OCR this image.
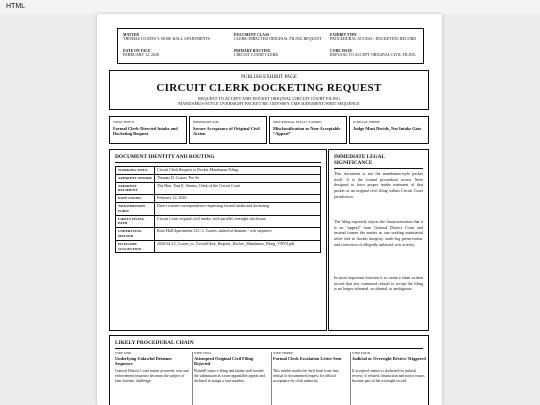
HTML
MATTER
THOMAS COATES V. ROSE HALL APARTMENTS
DOCUMENT CLASS
CLERK-DIRECTED ORIGINAL FILING REQUEST
EXHIBIT TYPE
PROCEDURAL ACCESS / DOCKETING RECORD
DATE ON FACE
FEBRUARY 12, 2026
PRIMARY ROUTING
CIRCUIT COURT CLERK
CORE ISSUE
REFUSAL TO ACCEPT ORIGINAL CIVIL FILING
PUBLISH EXHIBIT PAGE
CIRCUIT CLERK DOCKETING REQUEST
REQUEST TO ACCEPT AND DOCKET ORIGINAL CIRCUIT COURT FILING
MANDAMUS-STYLE OVERSIGHT PACKET RE: ODYSSEY CMS JUDGMENT/WRIT SEQUENCE
WHAT THIS IS
Formal Clerk-Directed Intake and Docketing Request
IMMEDIATE AIM
Secure Acceptance of Original Civil Action
PROCEDURAL FAULT CLAIMED
Misclassification as Non-Acceptable “Appeal”
JUDICIAL THEME
Judge Must Decide, Not Intake Gate
DOCUMENT IDENTITY AND ROUTING
WORKING TITLE	Circuit Clerk Request to Docket Mandamus Filing
APPARENT SENDER	Thomas D. Coates, Pro Se
APPARENT RECIPIENT	The Hon. Tina E. Simms, Clerk of the Circuit Court
DATE FOUND	February 12, 2026
TRANSMISSION FORM	Direct written correspondence requesting formal intake and docketing
LIKELY FILING PATH	Circuit Court original civil intake, with parallel oversight disclosure
UNDERLYING MATTER	Rose Hall Apartments LLC v. Coates, unlawful detainer / writ sequence
FILENAME SUGGESTION	2026-02-12_Coates_to_CircuitClerk_Request_Docket_Mandamus_Filing_VBVA.pdf
IMMEDIATE LEGAL SIGNIFICANCE

This document is not the mandamus-style packet itself. It is the formal procedural access letter designed to force proper intake treatment of that packet as an original civil filing within Circuit Court jurisdiction.

The filing expressly rejects the characterization that it is an “appeal” from General District Court and instead frames the matter as one seeking ministerial relief tied to docket integrity, audit-log preservation, and correction of allegedly unlawful writ activity.

Its most important function is to create a clean written record that any continued refusal to accept the filing is no longer informal, accidental, or ambiguous.

LIKELY PROCEDURAL CHAIN
STEP ONE
Underlying Unlawful Detainer Sequence
General District Court matter proceeds, writ and enforcement sequence becomes the subject of later forensic challenge.
STEP TWO
Attempted Original Civil Filing Rejected
Plaintiff states e-filing and intake staff treated the submission as a non-appealable appeal and declined to assign a case number.
STEP THREE
Formal Clerk Escalation Letter Sent
This exhibit marks the shift from front-line refusal to documented request for official acceptance by clerk authority.
STEP FOUR
Judicial or Oversight Review Triggered
If accepted, matter is docketed for judicial review; if refused, obstruction and notice issues become part of the oversight record.
